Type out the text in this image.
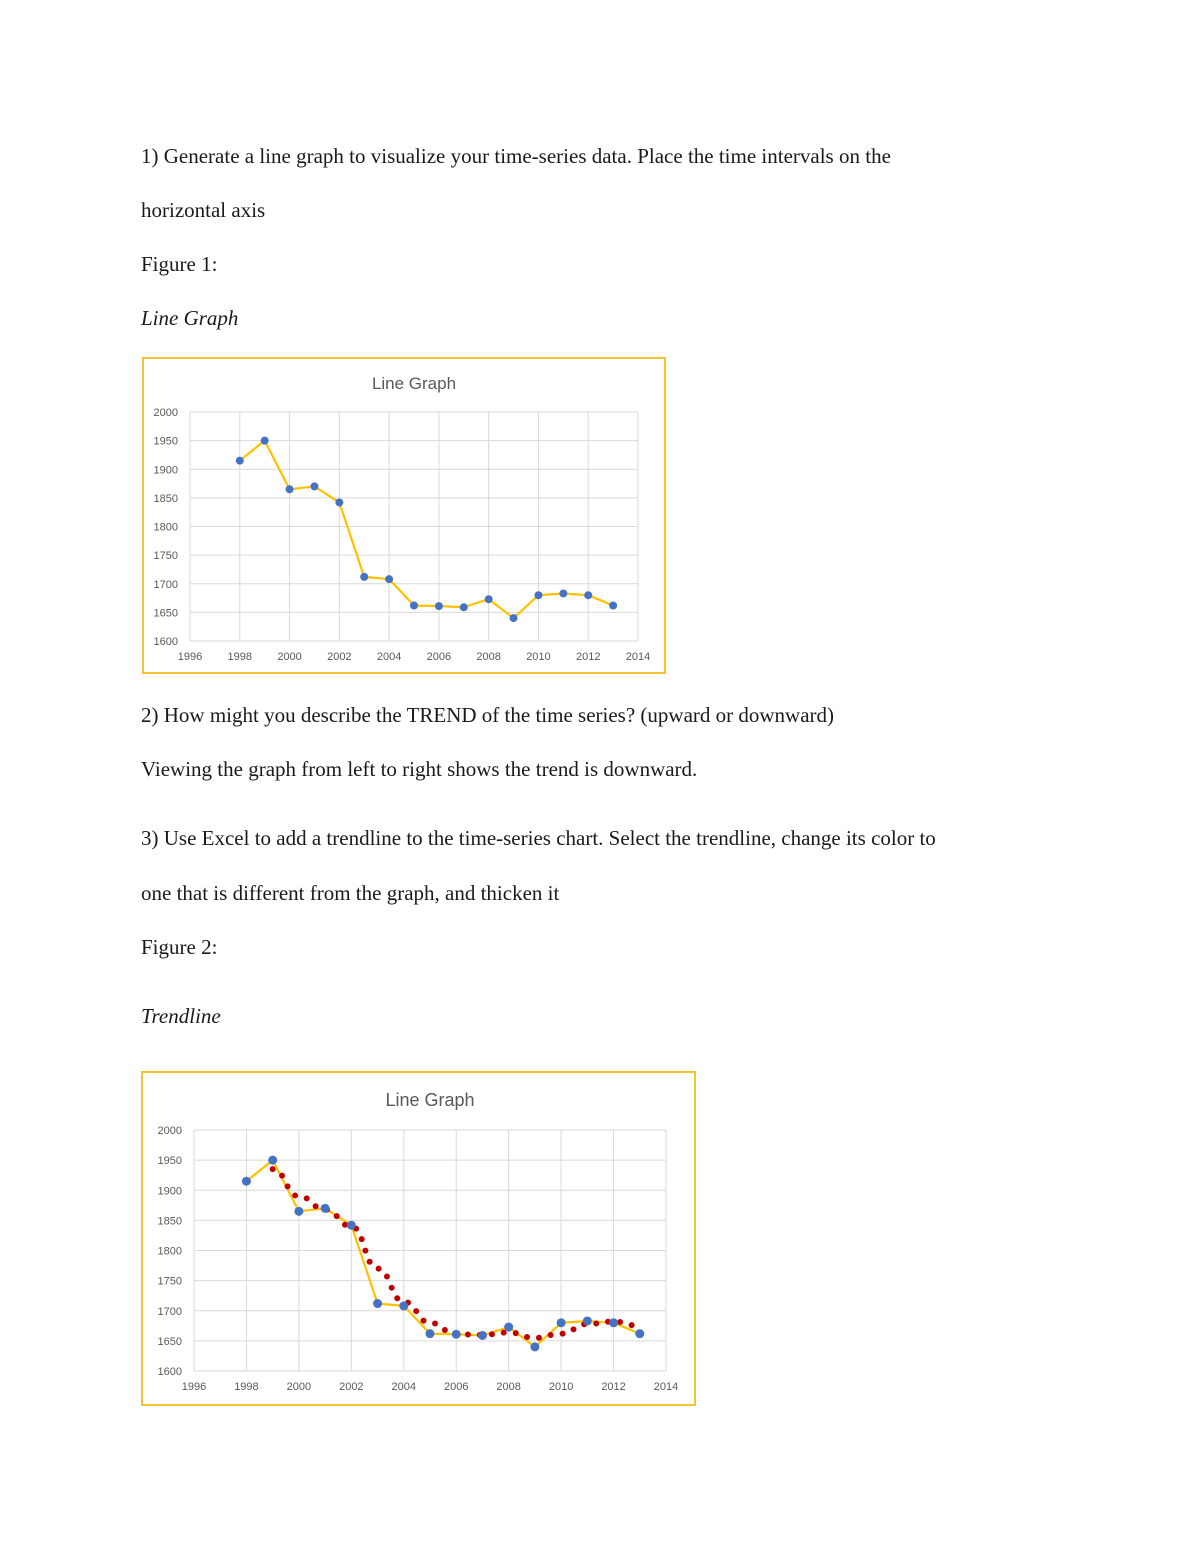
1) Generate a line graph to visualize your time-series data. Place the time intervals on the

horizontal axis

Figure 1:

Line Graph

Line Graph
1600
1650
1700
1750
1800
1850
1900
1950
2000
1996 1998 2000 2002 2004 2006 2008 2010 2012 2014

2) How might you describe the TREND of the time series? (upward or downward)

Viewing the graph from left to right shows the trend is downward.

3) Use Excel to add a trendline to the time-series chart. Select the trendline, change its color to

one that is different from the graph, and thicken it

Figure 2:

Trendline

Line Graph
1600
1650
1700
1750
1800
1850
1900
1950
2000
1996	1998	2000	2002	2004	2006	2008	2010	2012	2014
